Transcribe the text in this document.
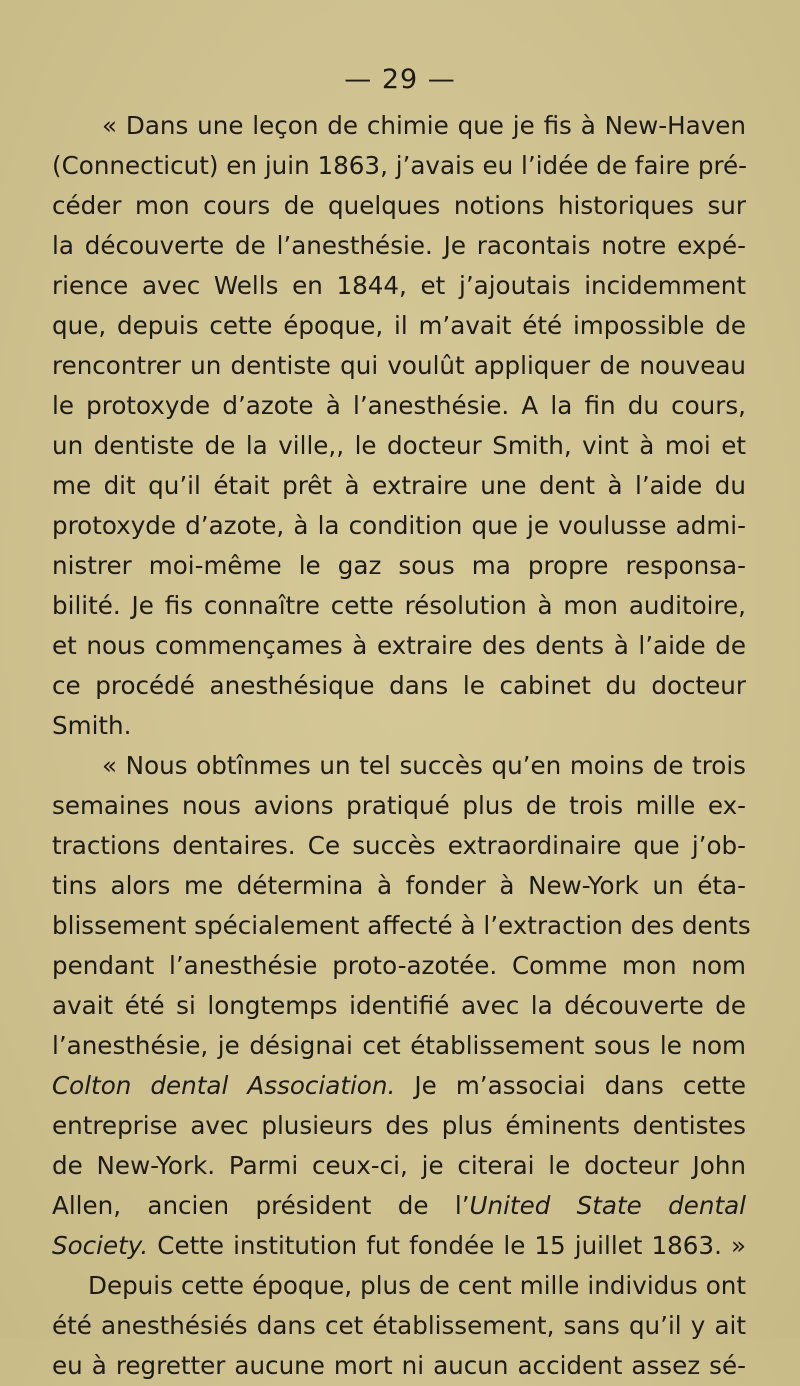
— 29 —
« Dans une leçon de chimie que je fis à New-Haven
(Connecticut) en juin 1863, j’avais eu l’idée de faire pré-
céder mon cours de quelques notions historiques sur
la découverte de l’anesthésie. Je racontais notre expé-
rience avec Wells en 1844, et j’ajoutais incidemment
que, depuis cette époque, il m’avait été impossible de
rencontrer un dentiste qui voulût appliquer de nouveau
le protoxyde d’azote à l’anesthésie. A la fin du cours,
un dentiste de la ville,, le docteur Smith, vint à moi et
me dit qu’il était prêt à extraire une dent à l’aide du
protoxyde d’azote, à la condition que je voulusse admi-
nistrer moi-même le gaz sous ma propre responsa-
bilité. Je fis connaître cette résolution à mon auditoire,
et nous commençames à extraire des dents à l’aide de
ce procédé anesthésique dans le cabinet du docteur
Smith.
« Nous obtînmes un tel succès qu’en moins de trois
semaines nous avions pratiqué plus de trois mille ex-
tractions dentaires. Ce succès extraordinaire que j’ob-
tins alors me détermina à fonder à New-York un éta-
blissement spécialement affecté à l’extraction des dents
pendant l’anesthésie proto-azotée. Comme mon nom
avait été si longtemps identifié avec la découverte de
l’anesthésie, je désignai cet établissement sous le nom
Colton dental Association. Je m’associai dans cette
entreprise avec plusieurs des plus éminents dentistes
de New-York. Parmi ceux-ci, je citerai le docteur John
Allen, ancien président de l’United State dental
Society. Cette institution fut fondée le 15 juillet 1863. »
Depuis cette époque, plus de cent mille individus ont
été anesthésiés dans cet établissement, sans qu’il y ait
eu à regretter aucune mort ni aucun accident assez sé-
